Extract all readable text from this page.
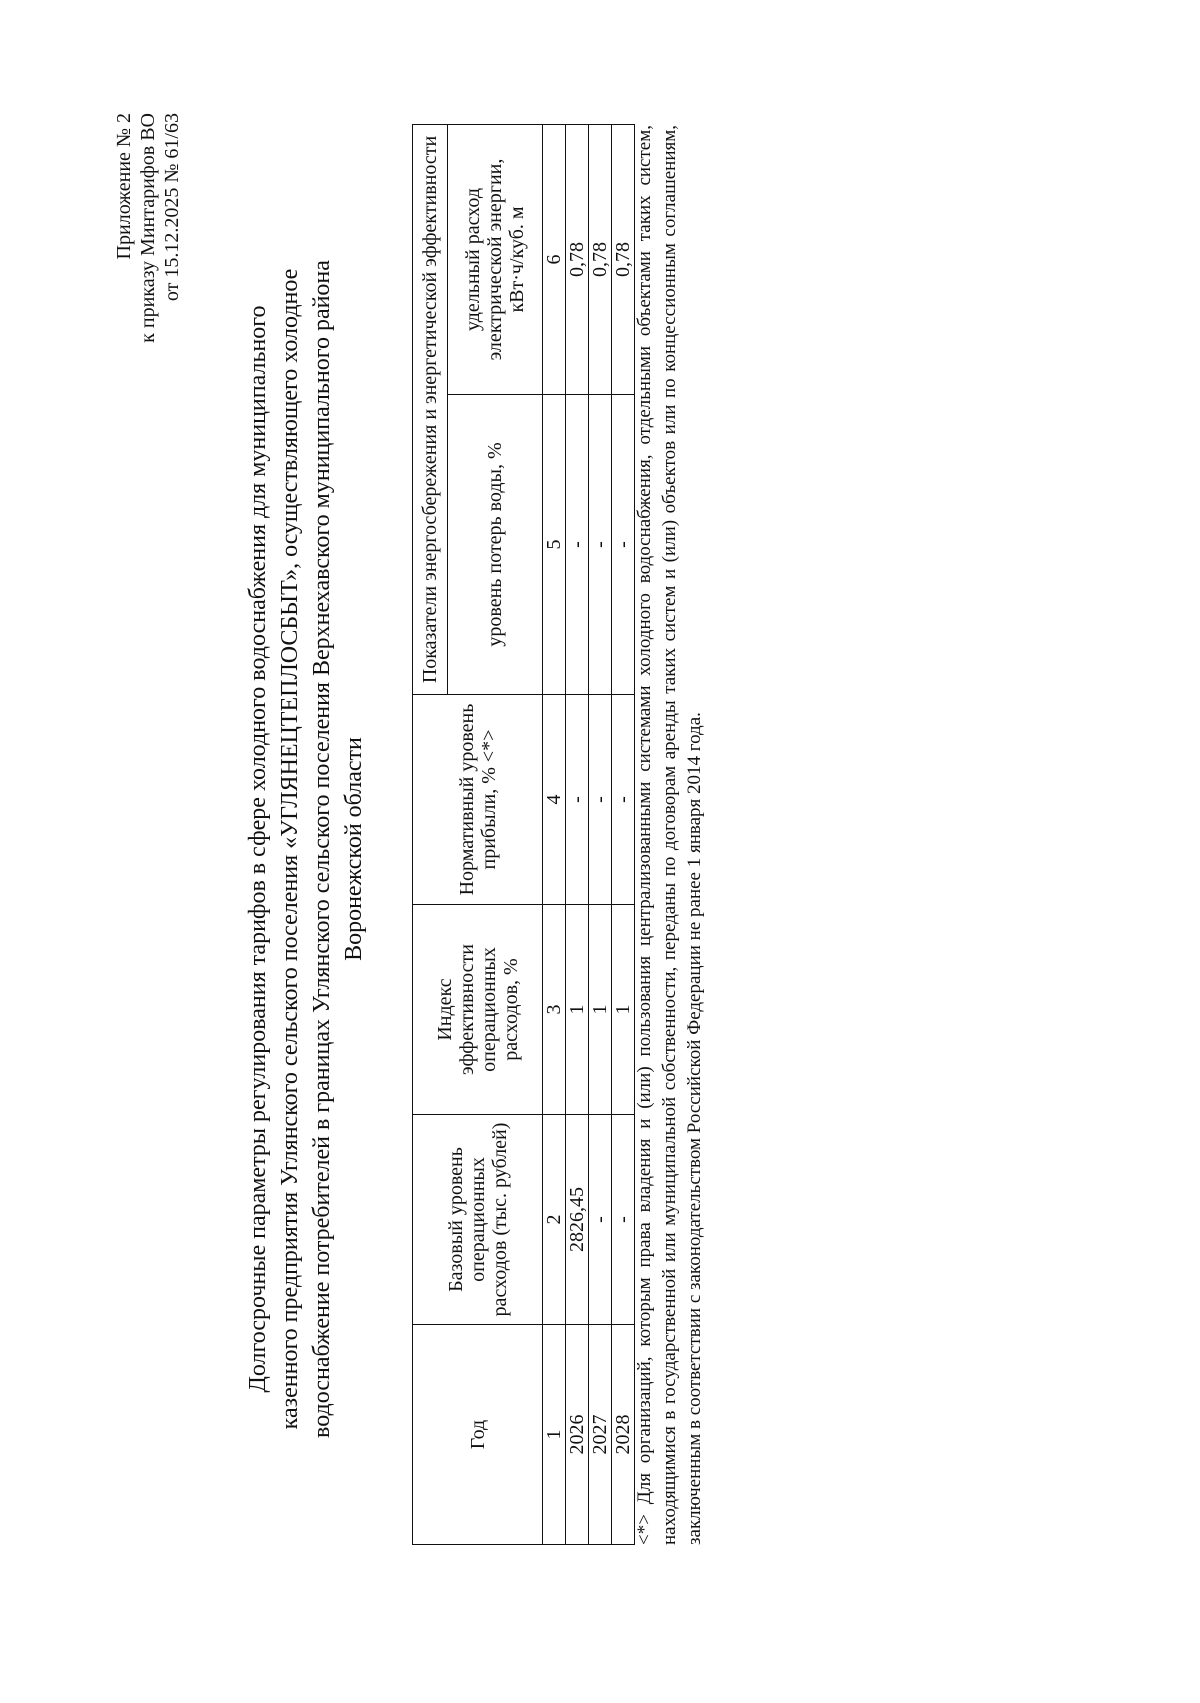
Приложение № 2 к приказу Минтарифов ВО от 15.12.2025 № 61/63
Долгосрочные параметры регулирования тарифов в сфере холодного водоснабжения для муниципального казенного предприятия Углянского сельского поселения «УГЛЯНЕЦТЕПЛОСБЫТ», осуществляющего холодное водоснабжение потребителей в границах Углянского сельского поселения Верхнехавского муниципального района Воронежской области
Год	Базовый уровень операционных расходов (тыс. рублей)	Индекс эффективности операционных расходов, %	Нормативный уровень прибыли, % <*>	Показатели энергосбережения и энергетической эффективности	
				уровень потерь воды, %	удельный расход электрической энергии, кВт·ч/куб. м
1	2	3	4	5	6
2026	2826,45	1	-	-	0,78
2027	-	1	-	-	0,78
2028	-	1	-	-	0,78 <*> Для организаций, которым права владения и (или) пользования централизованными системами холодного водоснабжения, отдельными объектами таких систем, находящимися в государственной или муниципальной собственности, переданы по договорам аренды таких систем и (или) объектов или по концессионным соглашениям, заключенным в соответствии с законодательством Российской Федерации не ранее 1 января 2014 года.
